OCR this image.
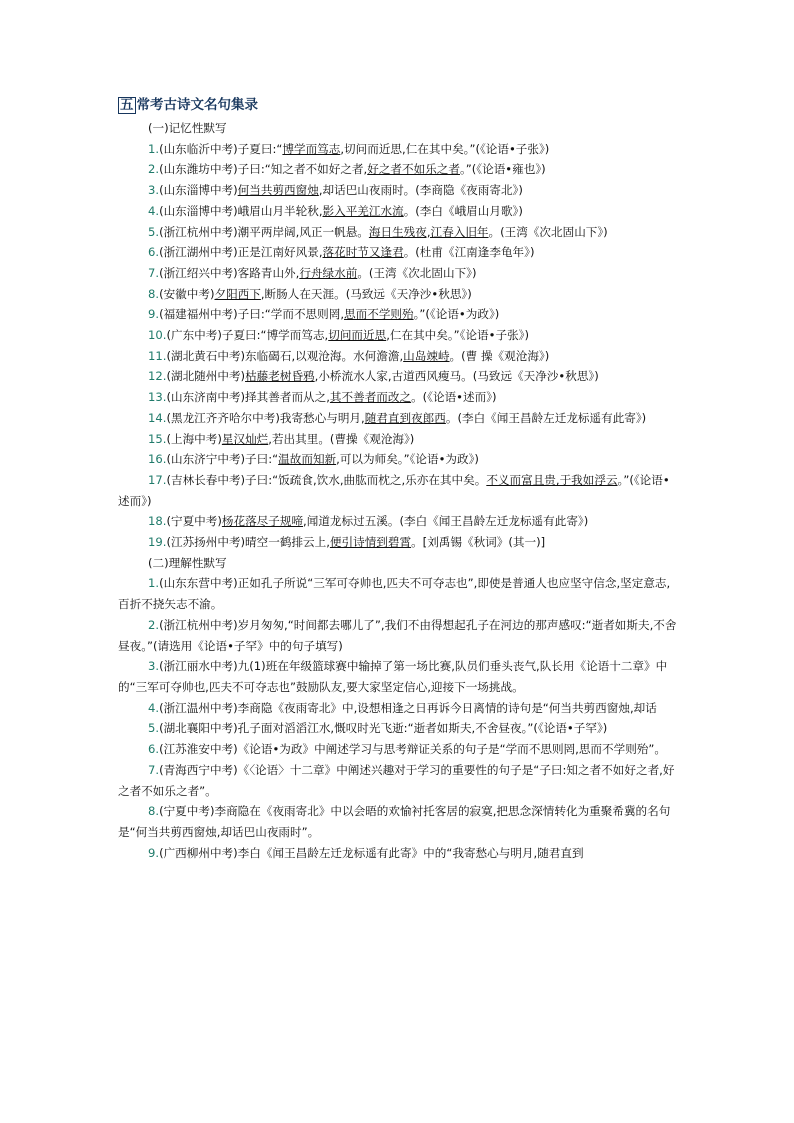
五 常考古诗文名句集录
(一)记忆性默写

1.(山东临沂中考)子夏曰:“博学而笃志,切问而近思,仁在其中矣。”(《论语•子张》)

2.(山东潍坊中考)子曰:“知之者不如好之者,好之者不如乐之者。”(《论语•雍也》)

3.(山东淄博中考)何当共剪西窗烛,却话巴山夜雨时。(李商隐《夜雨寄北》)

4.(山东淄博中考)峨眉山月半轮秋,影入平羌江水流。(李白《峨眉山月歌》)

5.(浙江杭州中考)潮平两岸阔,风正一帆悬。海日生残夜,江春入旧年。(王湾《次北固山下》)

6.(浙江湖州中考)正是江南好风景,落花时节又逢君。(杜甫《江南逢李龟年》)

7.(浙江绍兴中考)客路青山外,行舟绿水前。(王湾《次北固山下》)

8.(安徽中考)夕阳西下,断肠人在天涯。(马致远《天净沙•秋思》)

9.(福建福州中考)子曰:“学而不思则罔,思而不学则殆。”(《论语•为政》)

10.(广东中考)子夏曰:“博学而笃志,切问而近思,仁在其中矣。”《论语•子张》)

11.(湖北黄石中考)东临碣石,以观沧海。水何澹澹,山岛竦峙。(曹 操《观沧海》)

12.(湖北随州中考)枯藤老树昏鸦,小桥流水人家,古道西风瘦马。(马致远《天净沙•秋思》)

13.(山东济南中考)择其善者而从之,其不善者而改之。(《论语•述而》)

14.(黑龙江齐齐哈尔中考)我寄愁心与明月,随君直到夜郎西。(李白《闻王昌龄左迁龙标遥有此寄》)

15.(上海中考)星汉灿烂,若出其里。(曹操《观沧海》)

16.(山东济宁中考)子曰:“温故而知新,可以为师矣。”《论语•为政》)

17.(吉林长春中考)子曰:“饭疏食,饮水,曲肱而枕之,乐亦在其中矣。不义而富且贵,于我如浮云。”(《论语•述而》)

18.(宁夏中考)杨花落尽子规啼,闻道龙标过五溪。(李白《闻王昌龄左迁龙标遥有此寄》)

19.(江苏扬州中考)晴空一鹤排云上,便引诗情到碧霄。[刘禹锡《秋词》(其一)]

(二)理解性默写

1.(山东东营中考)正如孔子所说“三军可夺帅也,匹夫不可夺志也”,即使是普通人也应坚守信念,坚定意志,百折不挠矢志不渝。

2.(浙江杭州中考)岁月匆匆,“时间都去哪儿了”,我们不由得想起孔子在河边的那声感叹:“逝者如斯夫,不舍昼夜。”(请选用《论语•子罕》中的句子填写)

3.(浙江丽水中考)九(1)班在年级篮球赛中输掉了第一场比赛,队员们垂头丧气,队长用《论语十二章》中的“三军可夺帅也,匹夫不可夺志也”鼓励队友,要大家坚定信心,迎接下一场挑战。

4.(浙江温州中考)李商隐《夜雨寄北》中,设想相逢之日再诉今日离情的诗句是“何当共剪西窗烛,却话

5.(湖北襄阳中考)孔子面对滔滔江水,慨叹时光飞逝:“逝者如斯夫,不舍昼夜。”(《论语•子罕》)

6.(江苏淮安中考)《论语•为政》中阐述学习与思考辩证关系的句子是“学而不思则罔,思而不学则殆”。

7.(青海西宁中考)《〈论语〉十二章》中阐述兴趣对于学习的重要性的句子是“子曰:知之者不如好之者,好之者不如乐之者”。

8.(宁夏中考)李商隐在《夜雨寄北》中以会晤的欢愉衬托客居的寂寞,把思念深情转化为重聚希冀的名句是“何当共剪西窗烛,却话巴山夜雨时”。

9.(广西柳州中考)李白《闻王昌龄左迁龙标遥有此寄》中的“我寄愁心与明月,随君直到
